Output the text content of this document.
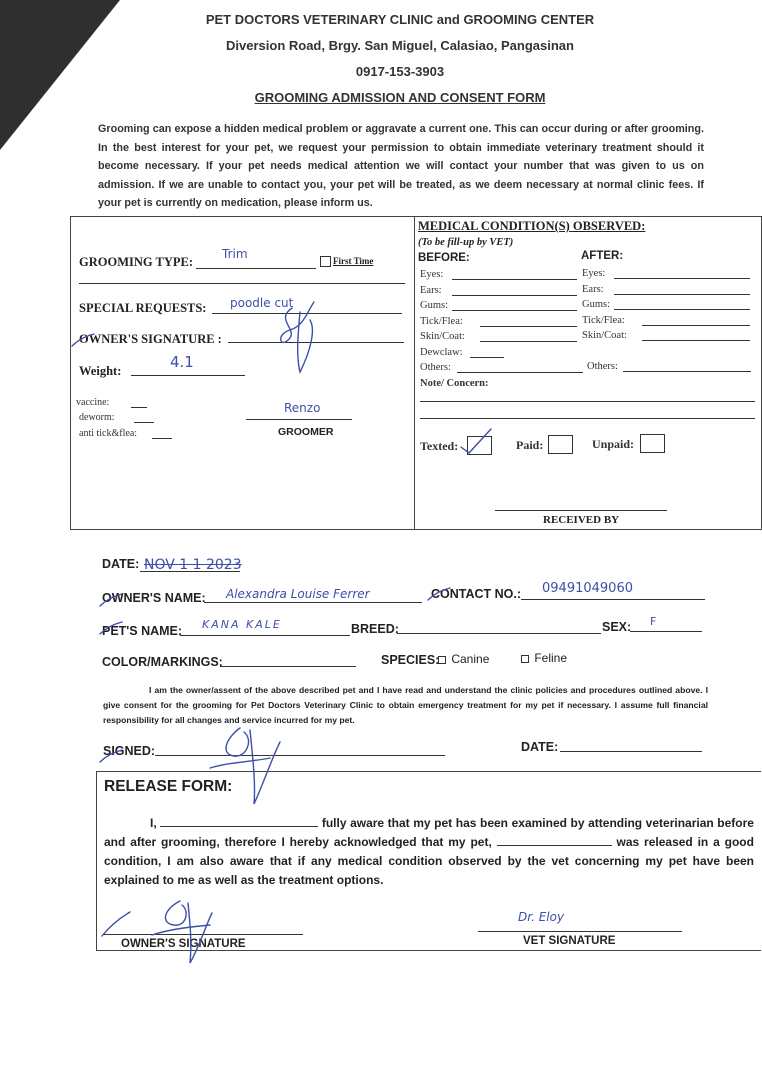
PET DOCTORS VETERINARY CLINIC and GROOMING CENTER
Diversion Road, Brgy. San Miguel, Calasiao, Pangasinan
0917-153-3903
GROOMING ADMISSION AND CONSENT FORM
Grooming can expose a hidden medical problem or aggravate a current one. This can occur during or after grooming. In the best interest for your pet, we request your permission to obtain immediate veterinary treatment should it become necessary. If your pet needs medical attention we will contact your number that was given to us on admission. If we are unable to contact you, your pet will be treated, as we deem necessary at normal clinic fees. If your pet is currently on medication, please inform us.
GROOMING TYPE:
Trim	First Time
SPECIAL REQUESTS: poodle cut
OWNER'S SIGNATURE :
Weight:	4.1
vaccine:
deworm:
anti tick&flea:
Renzo
GROOMER
MEDICAL CONDITION(S) OBSERVED:
(To be fill-up by VET)
BEFORE:	AFTER:
Eyes:	Eyes:
Ears:	Ears:
Gums:	Gums:
Tick/Flea:	Tick/Flea:
Skin/Coat:	Skin/Coat:
Dewclaw:
Others:	Others:
Note/ Concern:
Texted:	Paid:	Unpaid:
RECEIVED BY
DATE: NOV 1 1 2023
OWNER'S NAME: Alexandra Louise Ferrer	CONTACT NO.: 09491049060
PET'S NAME: KANA KALE	BREED:	SEX: F
COLOR/MARKINGS:	SPECIES: Canine	Feline
I am the owner/assent of the above described pet and I have read and understand the clinic policies and procedures outlined above. I give consent for the grooming for Pet Doctors Veterinary Clinic to obtain emergency treatment for my pet if necessary. I assume full financial responsibility for all changes and service incurred for my pet.
SIGNED:	DATE:
RELEASE FORM:
I,	fully aware that my pet has been examined by attending veterinarian before and after grooming, therefore I hereby acknowledged that my pet,	was released in a good condition, I am also aware that if any medical condition observed by the vet concerning my pet have been explained to me as well as the treatment options.
OWNER'S SIGNATURE
Dr. Eloy
VET SIGNATURE
